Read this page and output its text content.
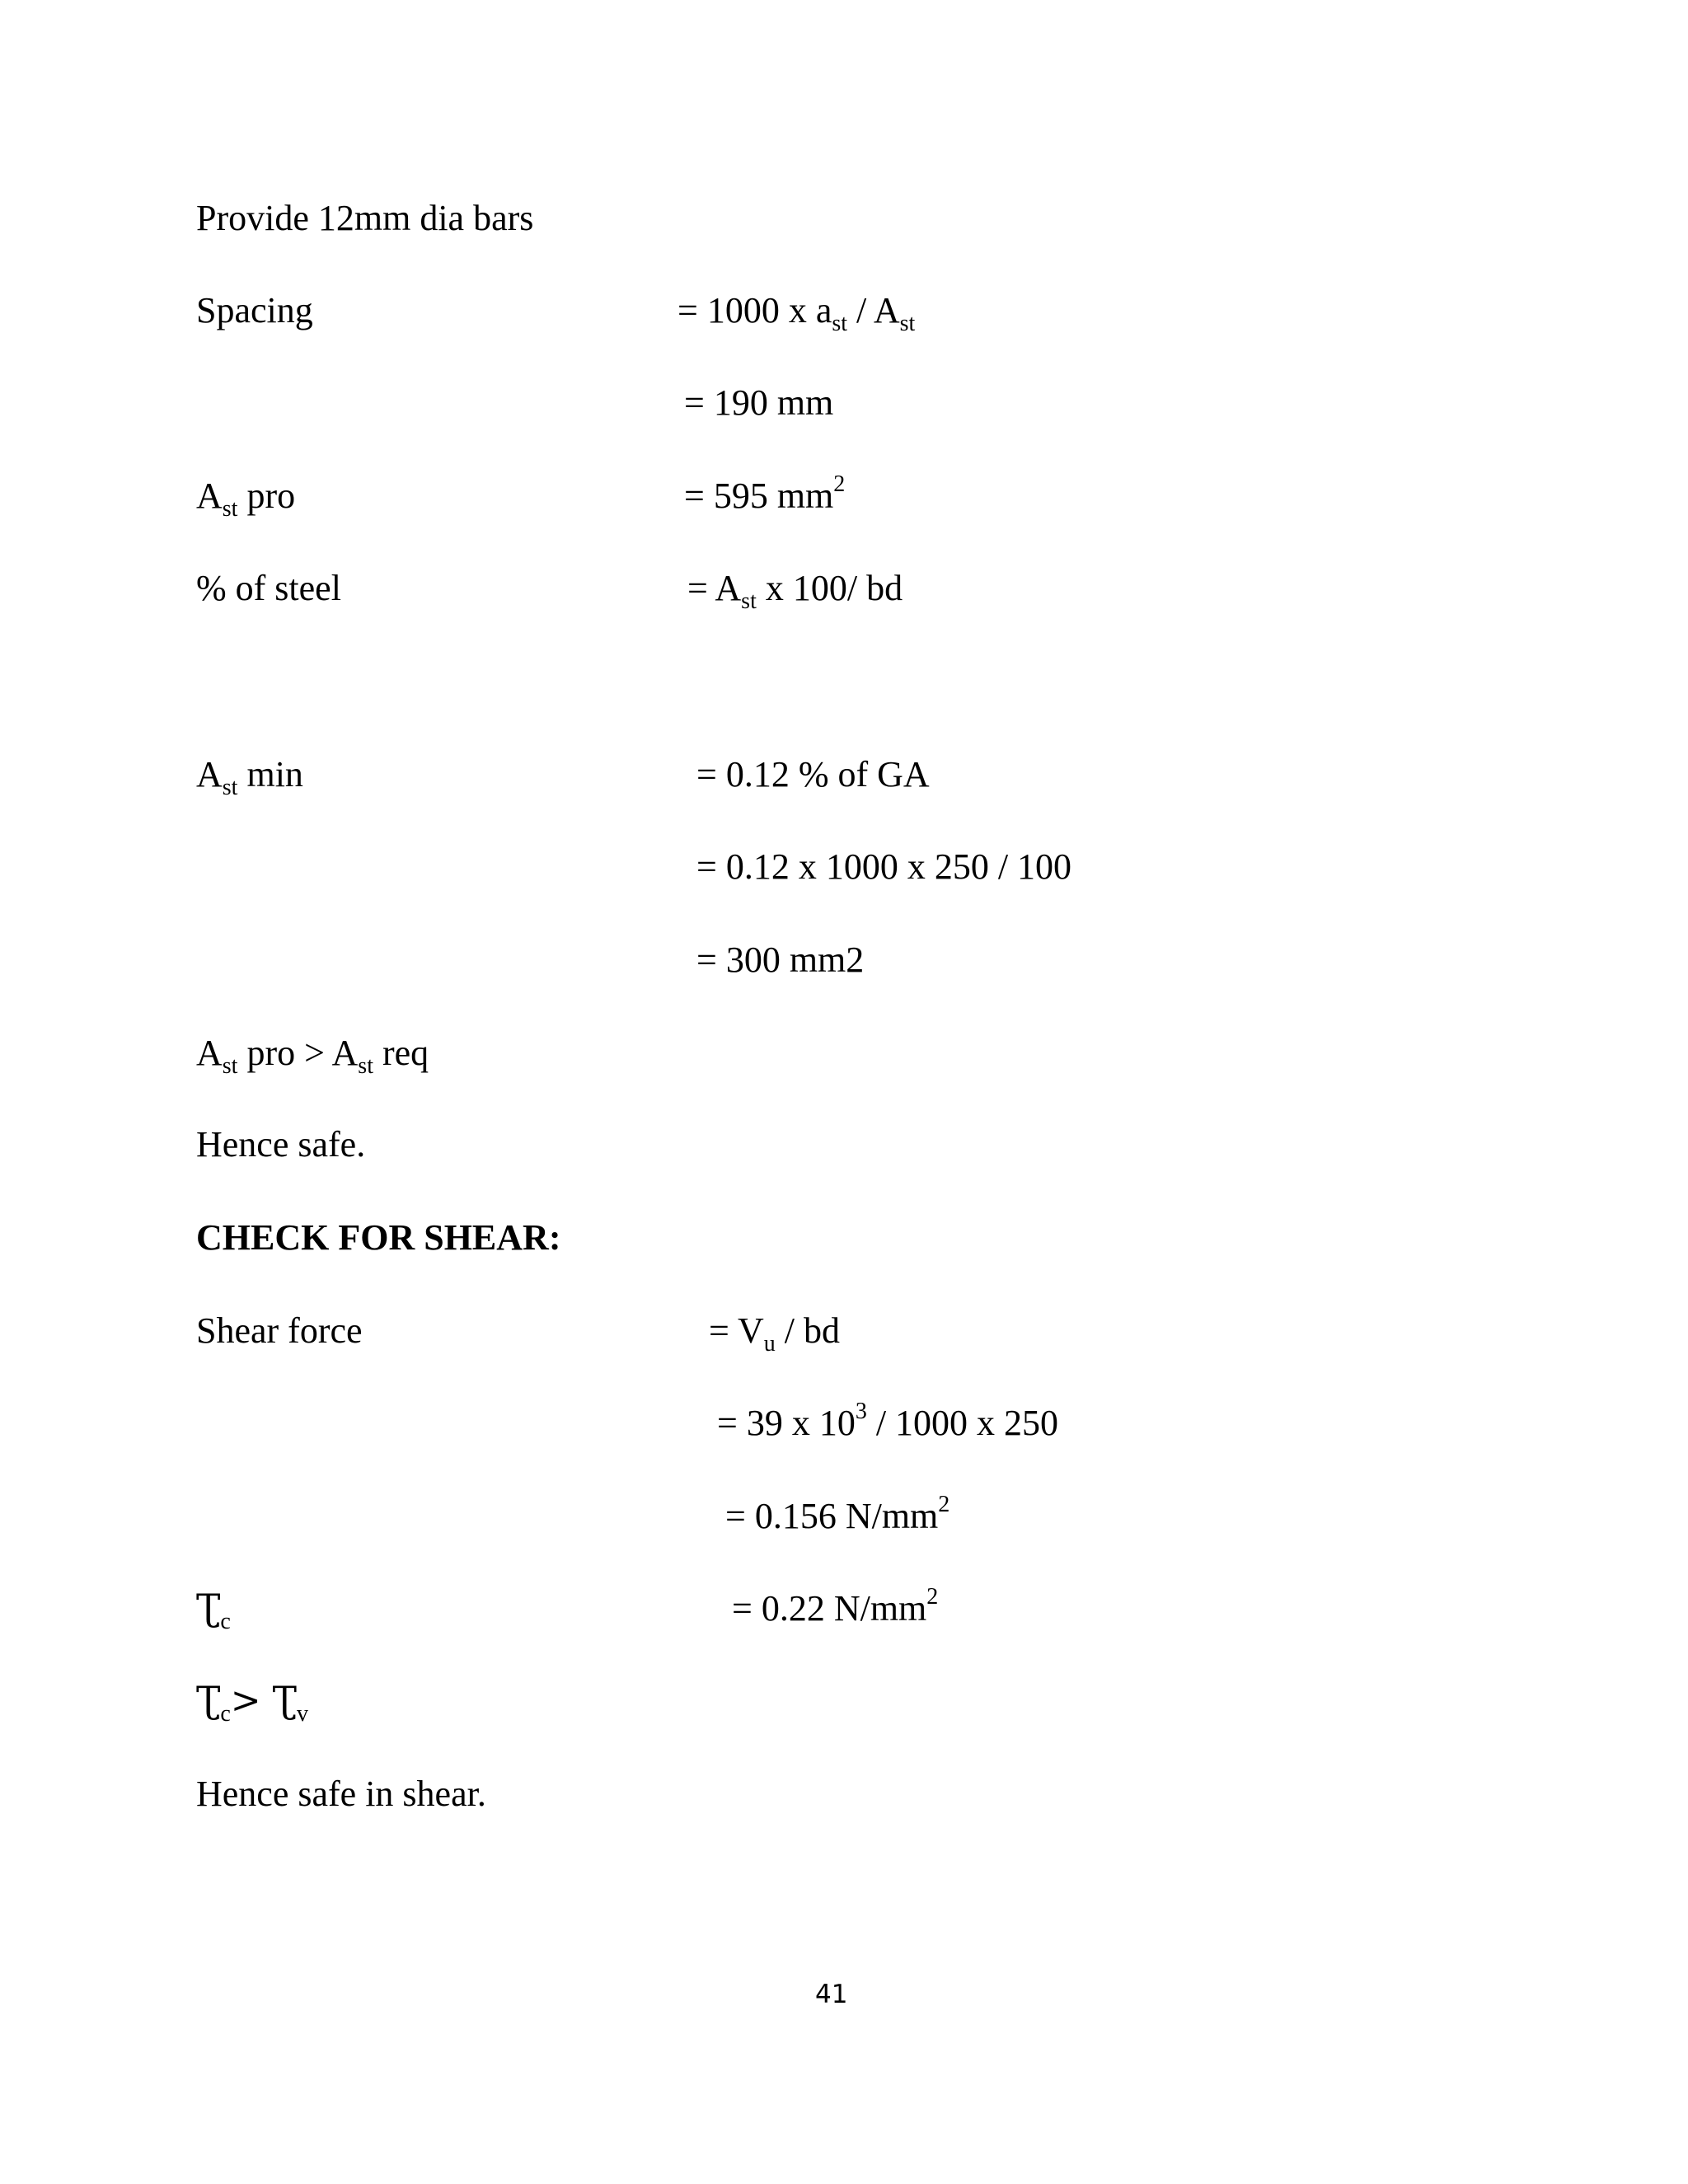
Provide 12mm dia bars
Spacing	= 1000 x $a_{st} / A_{st}$
= 190 mm
$A_{st}$ pro	= 595 $mm^2$
% of steel	= $A_{st}$ x 100/ bd
$A_{st}$ min	= 0.12 % of GA
= 0.12 x 1000 x 250 / 100
= 300 mm2
$A_{st}$ pro > $A_{st}$ req
Hence safe.
CHECK FOR SHEAR:
Shear force	= $V_u$ / bd
= 39 x $10^3 / 1000$ x 250
= 0.156 $N/mm^2$
$Ʈ_c$	= 0.22 $N/mm^2$
$Ʈ_c>$ $Ʈ_v$
Hence safe in shear.
41
